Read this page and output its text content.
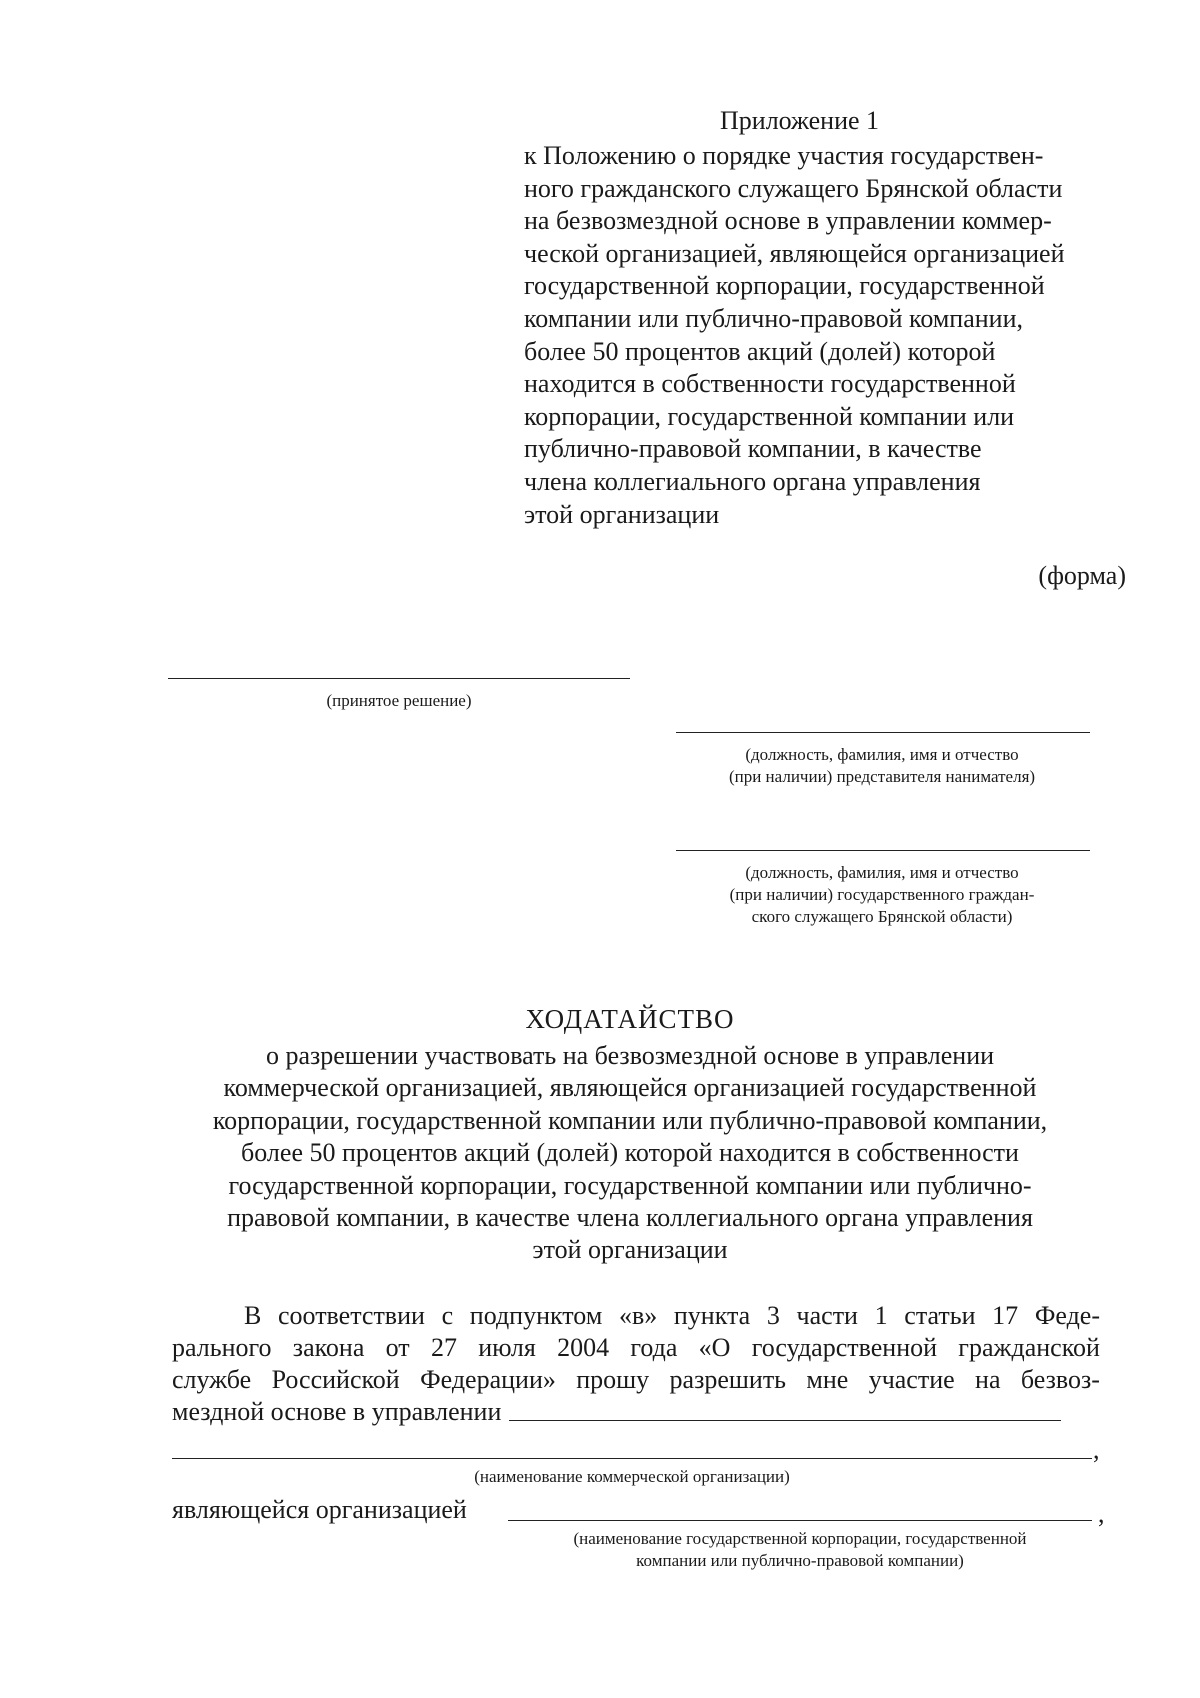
Приложение 1
к Положению о порядке участия государствен-
ного гражданского служащего Брянской области
на безвозмездной основе в управлении коммер-
ческой организацией, являющейся организацией
государственной корпорации, государственной
компании или публично-правовой компании,
более 50 процентов акций (долей) которой
находится в собственности государственной
корпорации, государственной компании или
публично-правовой компании, в качестве
члена коллегиального органа управления
этой организации
(форма)
(принятое решение)
(должность, фамилия, имя и отчество
(при наличии) представителя нанимателя)
(должность, фамилия, имя и отчество
(при наличии) государственного граждан-
ского служащего Брянской области)
ХОДАТАЙСТВО
о разрешении участвовать на безвозмездной основе в управлении
коммерческой организацией, являющейся организацией государственной
корпорации, государственной компании или публично-правовой компании,
более 50 процентов акций (долей) которой находится в собственности
государственной корпорации, государственной компании или публично-
правовой компании, в качестве члена коллегиального органа управления
этой организации
В соответствии с подпунктом «в» пункта 3 части 1 статьи 17 Феде-
рального закона от 27 июля 2004 года «О государственной гражданской
службе Российской Федерации» прошу разрешить мне участие на безвоз-
мездной основе в управлении
,
(наименование коммерческой организации)
являющейся организацией	,
(наименование государственной корпорации, государственной
компании или публично-правовой компании)
